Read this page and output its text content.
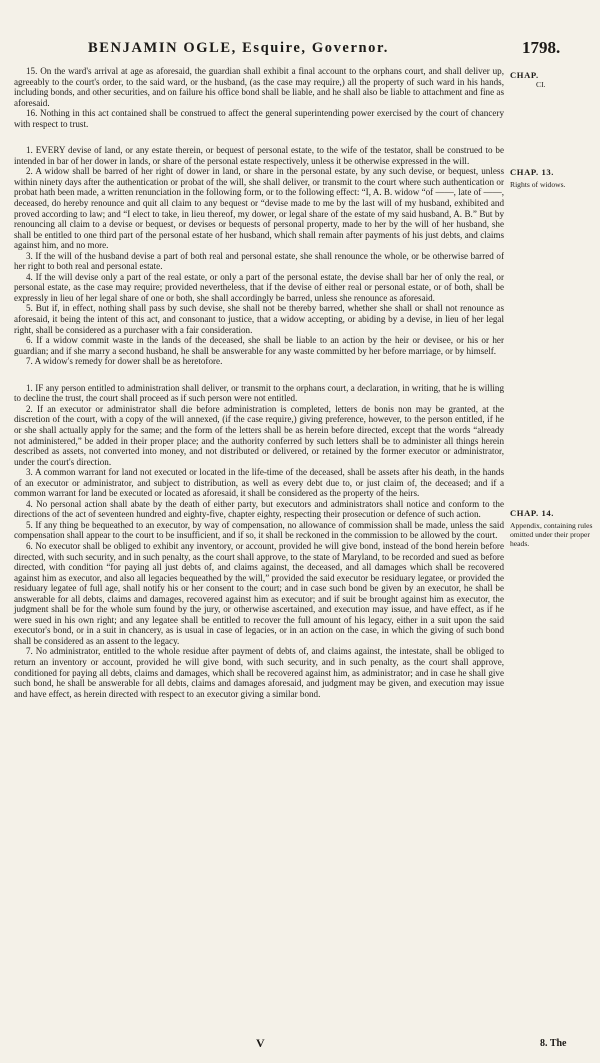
BENJAMIN OGLE, Esquire, Governor.	1798.

15. On the ward's arrival at age as aforesaid, the guardian shall exhibit a final account to the orphans court, and shall deliver up, agreeably to the court's order, to the said ward, or the husband, (as the case may require,) all the property of such ward in his hands, including bonds, and other securities, and on failure his office bond shall be liable, and he shall also be liable to attachment and fine as aforesaid.

16. Nothing in this act contained shall be construed to affect the general superintending power exercised by the court of chancery with respect to trust.

1. EVERY devise of land, or any estate therein, or bequest of personal estate, to the wife of the testator, shall be construed to be intended in bar of her dower in lands, or share of the personal estate respectively, unless it be otherwise expressed in the will.

2. A widow shall be barred of her right of dower in land, or share in the personal estate, by any such devise, or bequest, unless within ninety days after the authentication or probat of the will, she shall deliver, or transmit to the court where such authentication or probat hath been made, a written renunciation in the following form, or to the following effect: “I, A. B. widow “of ——, late of ——, deceased, do hereby renounce and quit all claim to any bequest or “devise made to me by the last will of my husband, exhibited and proved according to law; and “I elect to take, in lieu thereof, my dower, or legal share of the estate of my said husband, A. B.” But by renouncing all claim to a devise or bequest, or devises or bequests of personal property, made to her by the will of her husband, she shall be entitled to one third part of the personal estate of her husband, which shall remain after payments of his just debts, and claims against him, and no more.

3. If the will of the husband devise a part of both real and personal estate, she shall renounce the whole, or be otherwise barred of her right to both real and personal estate.

4. If the will devise only a part of the real estate, or only a part of the personal estate, the devise shall bar her of only the real, or personal estate, as the case may require; provided nevertheless, that if the devise of either real or personal estate, or of both, shall be expressly in lieu of her legal share of one or both, she shall accordingly be barred, unless she renounce as aforesaid.

5. But if, in effect, nothing shall pass by such devise, she shall not be thereby barred, whether she shall or shall not renounce as aforesaid, it being the intent of this act, and consonant to justice, that a widow accepting, or abiding by a devise, in lieu of her legal right, shall be considered as a purchaser with a fair consideration.

6. If a widow commit waste in the lands of the deceased, she shall be liable to an action by the heir or devisee, or his or her guardian; and if she marry a second husband, he shall be answerable for any waste committed by her before marriage, or by himself.

7. A widow's remedy for dower shall be as heretofore.

1. IF any person entitled to administration shall deliver, or transmit to the orphans court, a declaration, in writing, that he is willing to decline the trust, the court shall proceed as if such person were not entitled.

2. If an executor or administrator shall die before administration is completed, letters de bonis non may be granted, at the discretion of the court, with a copy of the will annexed, (if the case require,) giving preference, however, to the person entitled, if he or she shall actually apply for the same; and the form of the letters shall be as herein before directed, except that the words “already not administered,” be added in their proper place; and the authority conferred by such letters shall be to administer all things herein described as assets, not converted into money, and not distributed or delivered, or retained by the former executor or administrator, under the court's direction.

3. A common warrant for land not executed or located in the life-time of the deceased, shall be assets after his death, in the hands of an executor or administrator, and subject to distribution, as well as every debt due to, or just claim of, the deceased; and if a common warrant for land be executed or located as aforesaid, it shall be considered as the property of the heirs.

4. No personal action shall abate by the death of either party, but executors and administrators shall notice and conform to the directions of the act of seventeen hundred and eighty-five, chapter eighty, respecting their prosecution or defence of such action.

5. If any thing be bequeathed to an executor, by way of compensation, no allowance of commission shall be made, unless the said compensation shall appear to the court to be insufficient, and if so, it shall be reckoned in the commission to be allowed by the court.

6. No executor shall be obliged to exhibit any inventory, or account, provided he will give bond, instead of the bond herein before directed, with such security, and in such penalty, as the court shall approve, to the state of Maryland, to be recorded and sued as before directed, with condition “for paying all just debts of, and claims against, the deceased, and all damages which shall be recovered against him as executor, and also all legacies bequeathed by the will,” provided the said executor be residuary legatee, or provided the residuary legatee of full age, shall notify his or her consent to the court; and in case such bond be given by an executor, he shall be answerable for all debts, claims and damages, recovered against him as executor; and if suit be brought against him as executor, the judgment shall be for the whole sum found by the jury, or otherwise ascertained, and execution may issue, and have effect, as if he were sued in his own right; and any legatee shall be entitled to recover the full amount of his legacy, either in a suit upon the said executor's bond, or in a suit in chancery, as is usual in case of legacies, or in an action on the case, in which the giving of such bond shall be considered as an assent to the legacy.

7. No administrator, entitled to the whole residue after payment of debts of, and claims against, the intestate, shall be obliged to return an inventory or account, provided he will give bond, with such security, and in such penalty, as the court shall approve, conditioned for paying all debts, claims and damages, which shall be recovered against him, as administrator; and in case he shall give such bond, he shall be answerable for all debts, claims and damages aforesaid, and judgment may be given, and execution may issue and have effect, as herein directed with respect to an executor giving a similar bond.

CHAP.
CI.
CHAP. 13.
Rights of widows.
CHAP. 14.
Appendix, containing rules omitted under their proper heads.
V	8. The
